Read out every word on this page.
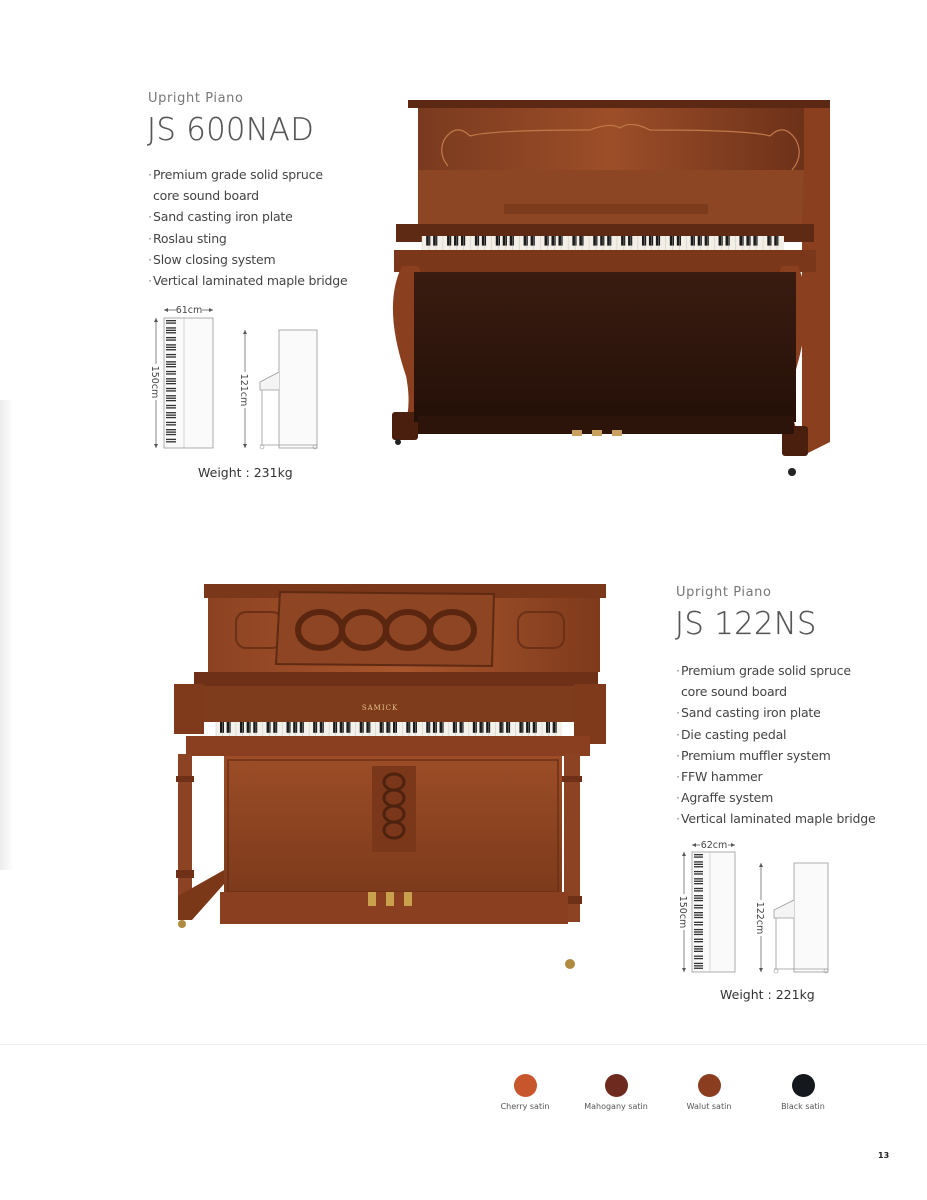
Upright Piano
JS 600NAD
·Premium grade solid spruce
core sound board
·Sand casting iron plate
·Roslau sting
·Slow closing system
·Vertical laminated maple bridge
61cm
150cm	121cm
Weight : 231kg
Upright Piano
JS 122NS
·Premium grade solid spruce
core sound board
·Sand casting iron plate
·Die casting pedal
·Premium muffler system
·FFW hammer
·Agraffe system
·Vertical laminated maple bridge
62cm
150cm	122cm
Weight : 221kg
SAMICK
Cherry satin	Mahogany satin	Walut satin	Black satin
13
